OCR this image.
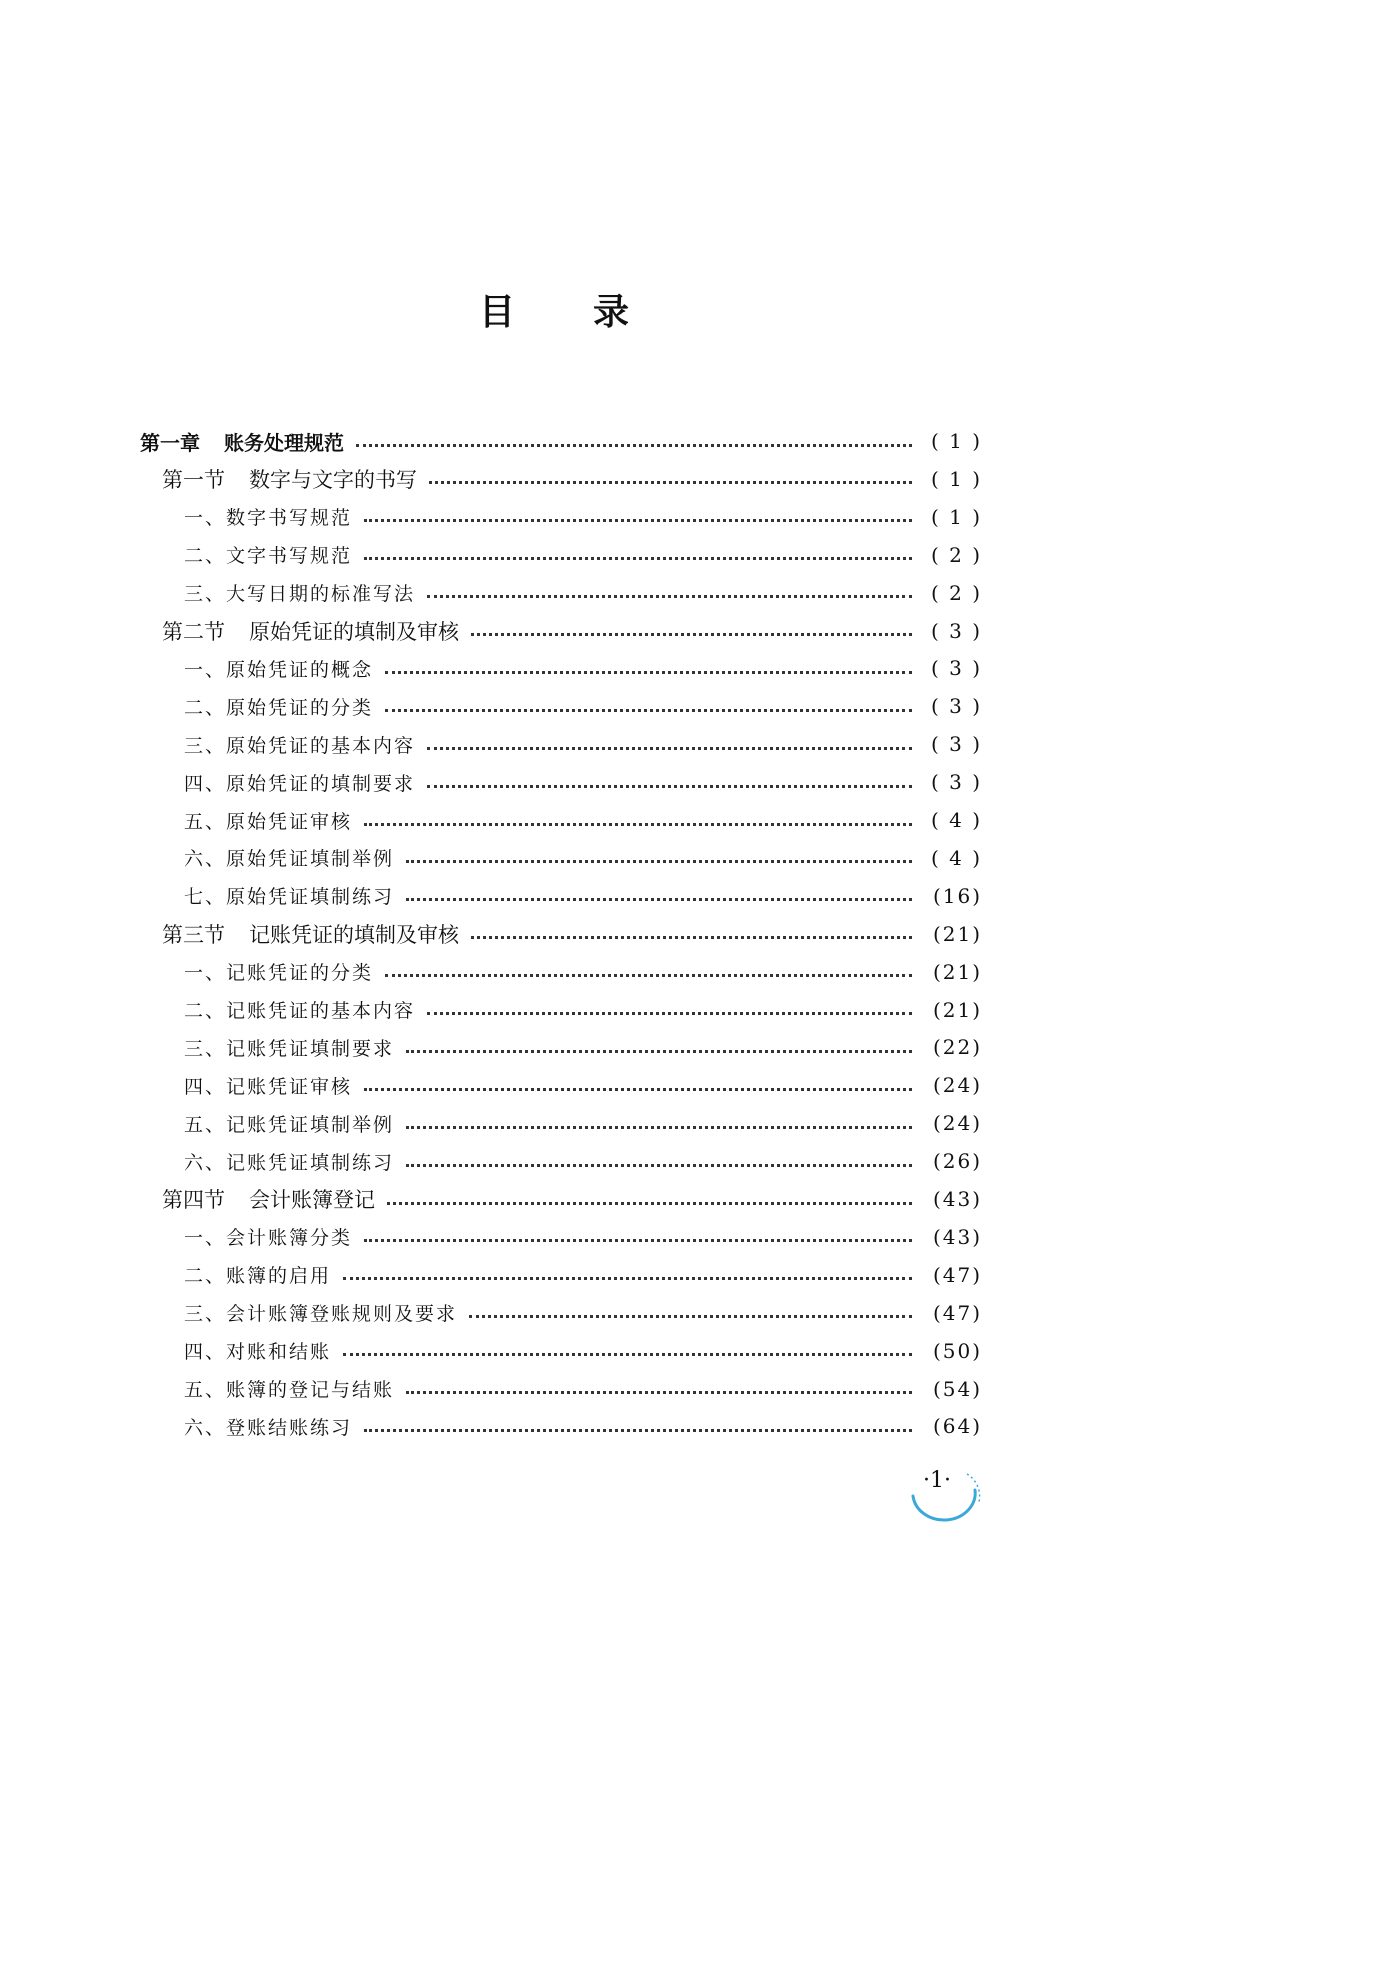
目录
第一章 账务处理规范	( 1 )
第一节 数字与文字的书写	( 1 )
一、数字书写规范	( 1 )
二、文字书写规范	( 2 )
三、大写日期的标准写法	( 2 )
第二节 原始凭证的填制及审核	( 3 )
一、原始凭证的概念	( 3 )
二、原始凭证的分类	( 3 )
三、原始凭证的基本内容	( 3 )
四、原始凭证的填制要求	( 3 )
五、原始凭证审核	( 4 )
六、原始凭证填制举例	( 4 )
七、原始凭证填制练习	(16)
第三节 记账凭证的填制及审核	(21)
一、记账凭证的分类	(21)
二、记账凭证的基本内容	(21)
三、记账凭证填制要求	(22)
四、记账凭证审核	(24)
五、记账凭证填制举例	(24)
六、记账凭证填制练习	(26)
第四节 会计账簿登记	(43)
一、会计账簿分类	(43)
二、账簿的启用	(47)
三、会计账簿登账规则及要求	(47)
四、对账和结账	(50)
五、账簿的登记与结账	(54)
六、登账结账练习	(64)
·1·
